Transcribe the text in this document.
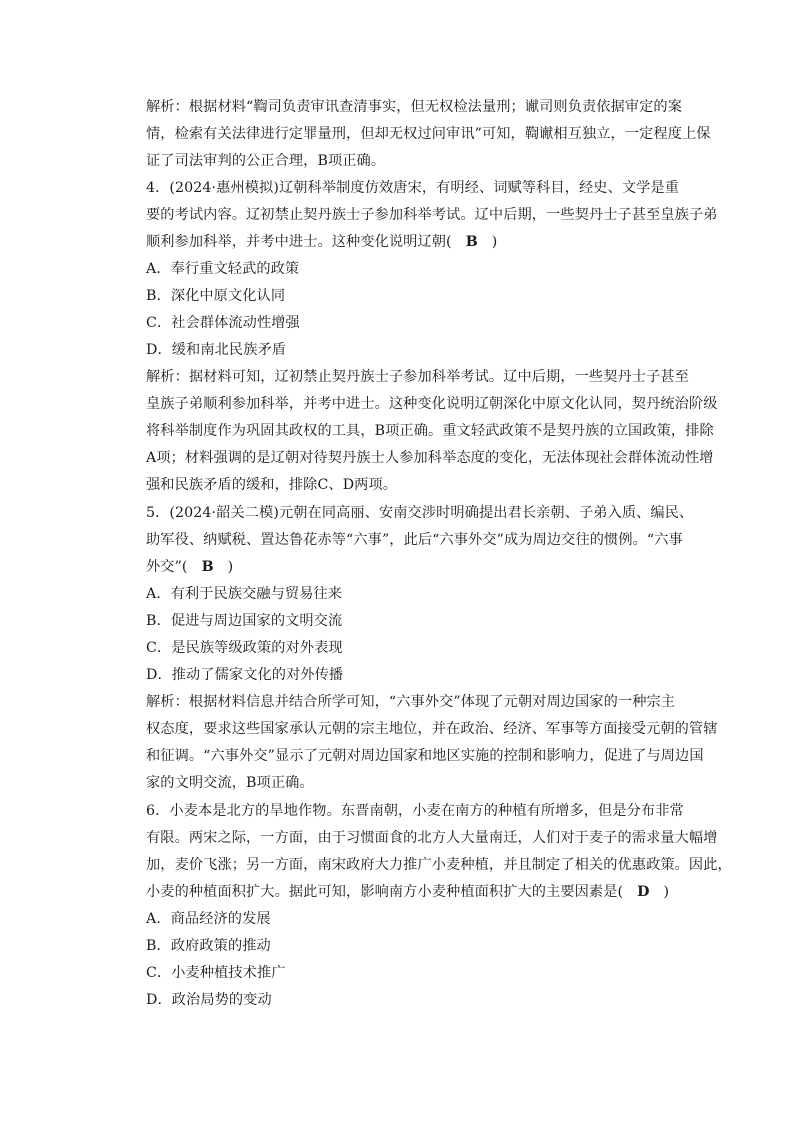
解析：根据材料“鞫司负责审讯查清事实，但无权检法量刑；谳司则负责依据审定的案
情，检索有关法律进行定罪量刑，但却无权过问审讯”可知，鞫谳相互独立，一定程度上保
证了司法审判的公正合理，B项正确。
4．(2024·惠州模拟)辽朝科举制度仿效唐宋，有明经、词赋等科目，经史、文学是重
要的考试内容。辽初禁止契丹族士子参加科举考试。辽中后期，一些契丹士子甚至皇族子弟
顺利参加科举，并考中进士。这种变化说明辽朝( B )
A．奉行重文轻武的政策
B．深化中原文化认同
C．社会群体流动性增强
D．缓和南北民族矛盾
解析：据材料可知，辽初禁止契丹族士子参加科举考试。辽中后期，一些契丹士子甚至
皇族子弟顺利参加科举，并考中进士。这种变化说明辽朝深化中原文化认同，契丹统治阶级
将科举制度作为巩固其政权的工具，B项正确。重文轻武政策不是契丹族的立国政策，排除
A项；材料强调的是辽朝对待契丹族士人参加科举态度的变化，无法体现社会群体流动性增
强和民族矛盾的缓和，排除C、D两项。
5．(2024·韶关二模)元朝在同高丽、安南交涉时明确提出君长亲朝、子弟入质、编民、
助军役、纳赋税、置达鲁花赤等“六事”，此后“六事外交”成为周边交往的惯例。“六事
外交”( B )
A．有利于民族交融与贸易往来
B．促进与周边国家的文明交流
C．是民族等级政策的对外表现
D．推动了儒家文化的对外传播
解析：根据材料信息并结合所学可知，“六事外交”体现了元朝对周边国家的一种宗主
权态度，要求这些国家承认元朝的宗主地位，并在政治、经济、军事等方面接受元朝的管辖
和征调。“六事外交”显示了元朝对周边国家和地区实施的控制和影响力，促进了与周边国
家的文明交流，B项正确。
6．小麦本是北方的旱地作物。东晋南朝，小麦在南方的种植有所增多，但是分布非常
有限。两宋之际，一方面，由于习惯面食的北方人大量南迁，人们对于麦子的需求量大幅增
加，麦价飞涨；另一方面，南宋政府大力推广小麦种植，并且制定了相关的优惠政策。因此，
小麦的种植面积扩大。据此可知，影响南方小麦种植面积扩大的主要因素是( D )
A．商品经济的发展
B．政府政策的推动
C．小麦种植技术推广
D．政治局势的变动
